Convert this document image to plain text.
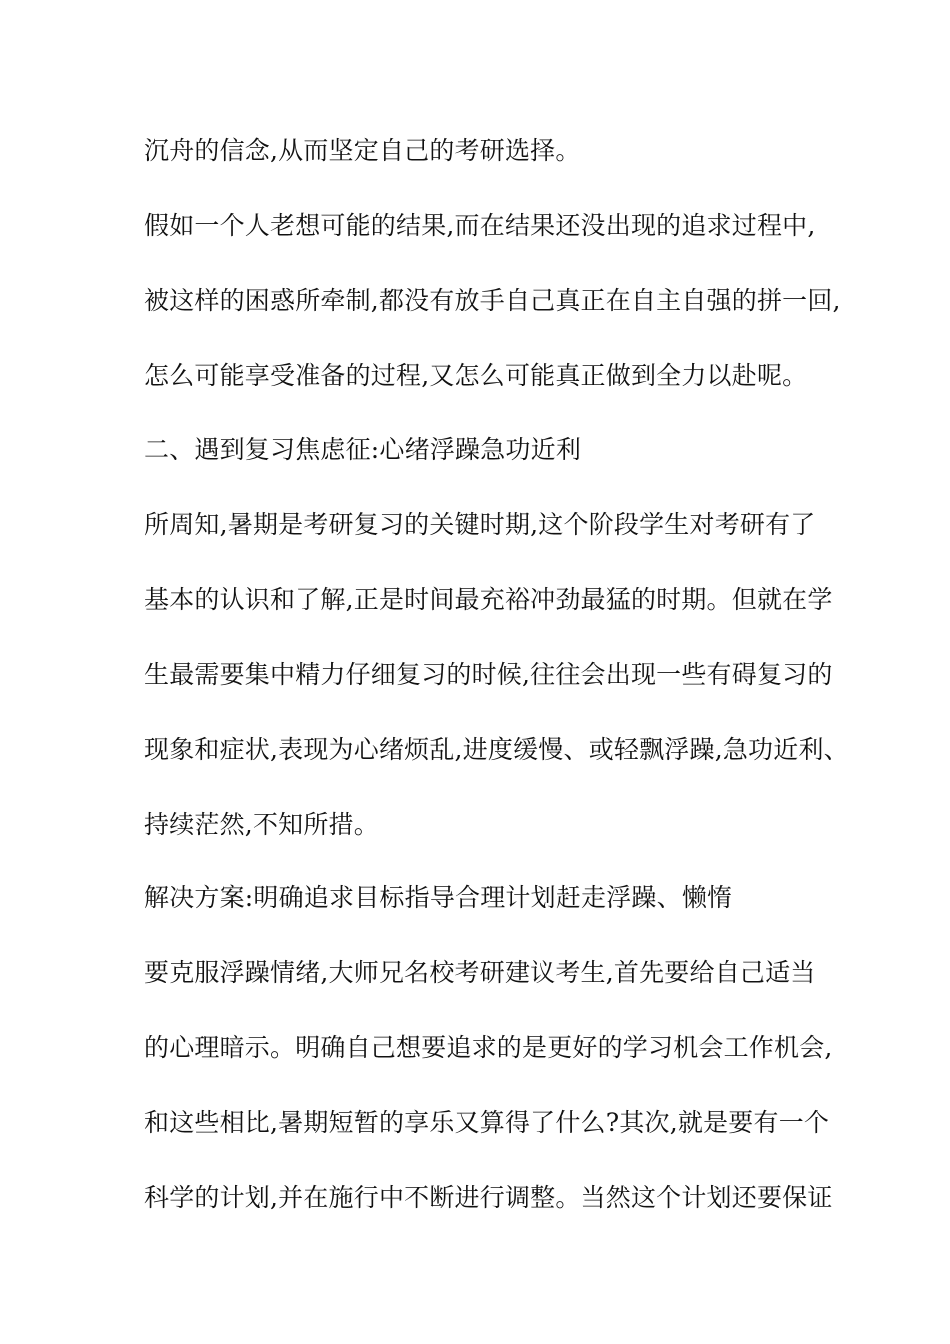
沉舟的信念,从而坚定自己的考研选择。
假如一个人老想可能的结果,而在结果还没出现的追求过程中,
被这样的困惑所牵制,都没有放手自己真正在自主自强的拼一回,
怎么可能享受准备的过程,又怎么可能真正做到全力以赴呢。
二、遇到复习焦虑征:心绪浮躁急功近利
所周知,暑期是考研复习的关键时期,这个阶段学生对考研有了
基本的认识和了解,正是时间最充裕冲劲最猛的时期。但就在学
生最需要集中精力仔细复习的时候,往往会出现一些有碍复习的
现象和症状,表现为心绪烦乱,进度缓慢、或轻飘浮躁,急功近利、
持续茫然,不知所措。
解决方案:明确追求目标指导合理计划赶走浮躁、懒惰
要克服浮躁情绪,大师兄名校考研建议考生,首先要给自己适当
的心理暗示。明确自己想要追求的是更好的学习机会工作机会,
和这些相比,暑期短暂的享乐又算得了什么?其次,就是要有一个
科学的计划,并在施行中不断进行调整。当然这个计划还要保证
